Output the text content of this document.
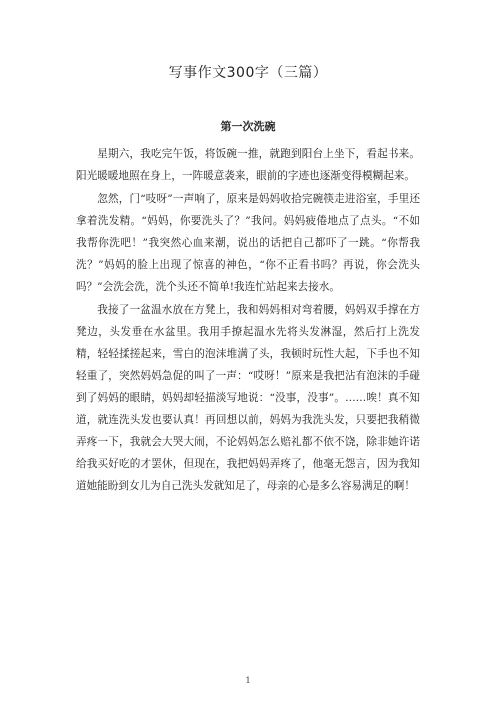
写事作文300字（三篇）
第一次洗碗

星期六，我吃完午饭，将饭碗一推，就跑到阳台上坐下，看起书来。阳光暖暖地照在身上，一阵暖意袭来，眼前的字迹也逐渐变得模糊起来。

忽然，门“吱呀”一声响了，原来是妈妈收拾完碗筷走进浴室，手里还拿着洗发精。“妈妈，你要洗头了？”我问。妈妈疲倦地点了点头。“不如我帮你洗吧！”我突然心血来潮，说出的话把自己都吓了一跳。“你帮我洗？”妈妈的脸上出现了惊喜的神色，“你不正看书吗？再说，你会洗头吗？”会洗会洗，洗个头还不简单!我连忙站起来去接水。

我接了一盆温水放在方凳上，我和妈妈相对弯着腰，妈妈双手撑在方凳边，头发垂在水盆里。我用手撩起温水先将头发淋湿，然后打上洗发精，轻轻揉搓起来，雪白的泡沫堆满了头，我顿时玩性大起，下手也不知轻重了，突然妈妈急促的叫了一声：“哎呀！”原来是我把沾有泡沫的手碰到了妈妈的眼睛，妈妈却轻描淡写地说：“没事，没事”。……唉！真不知道，就连洗头发也要认真！再回想以前，妈妈为我洗头发，只要把我稍微弄疼一下，我就会大哭大闹，不论妈妈怎么赔礼都不依不饶，除非她许诺给我买好吃的才罢休，但现在，我把妈妈弄疼了，他毫无怨言，因为我知道她能盼到女儿为自己洗头发就知足了，母亲的心是多么容易满足的啊！

1
